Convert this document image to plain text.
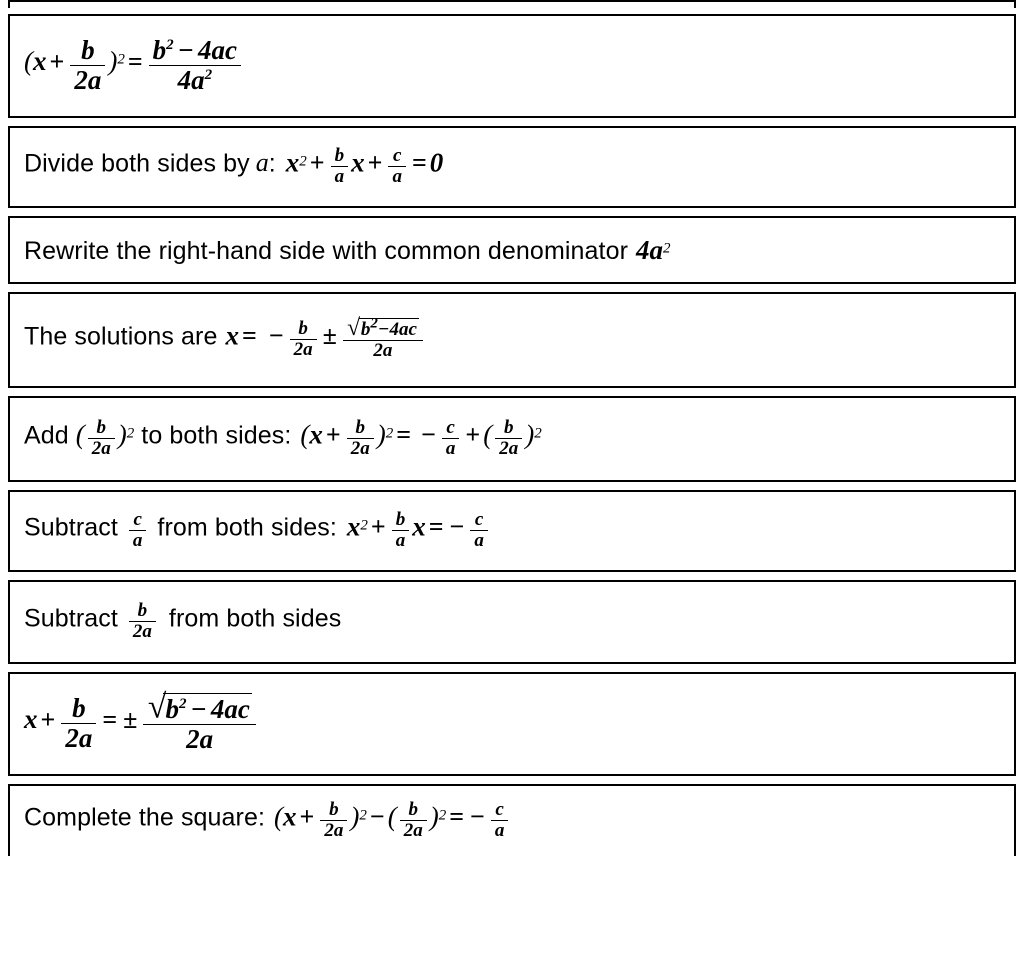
$(x + \frac{b}{2a} )2 = \frac{b^2 - 4ac}{4a^2}$
Divide both sides by a: $x2 + \frac{b}{a}$ $x + \frac{c}{a} = 0$
Rewrite the right-hand side with common denominator 4a2
The solutions are x = − $\frac{b}{2a} \pm \frac{√ b^2-4ac}{2a}$
Add ( $\frac{b}{2a} )2$ to both sides: $(x + \frac{b}{2a} )2$ = − $\frac{c}{a}$ + ( $\frac{b}{2a} )2$
Subtract $\frac{c}{a}$ from both sides: $x2 + \frac{b}{a}$ x = − $\frac{c}{a}$
Subtract $\frac{b}{2a}$ from both sides
$x + \frac{b}{2a}$ = ± $\frac{√ b^2 - 4ac}{2a}$
Complete the square: $(x + \frac{b}{2a} )2$ − ( $\frac{b}{2a} )2$ = − $\frac{c}{a}$
